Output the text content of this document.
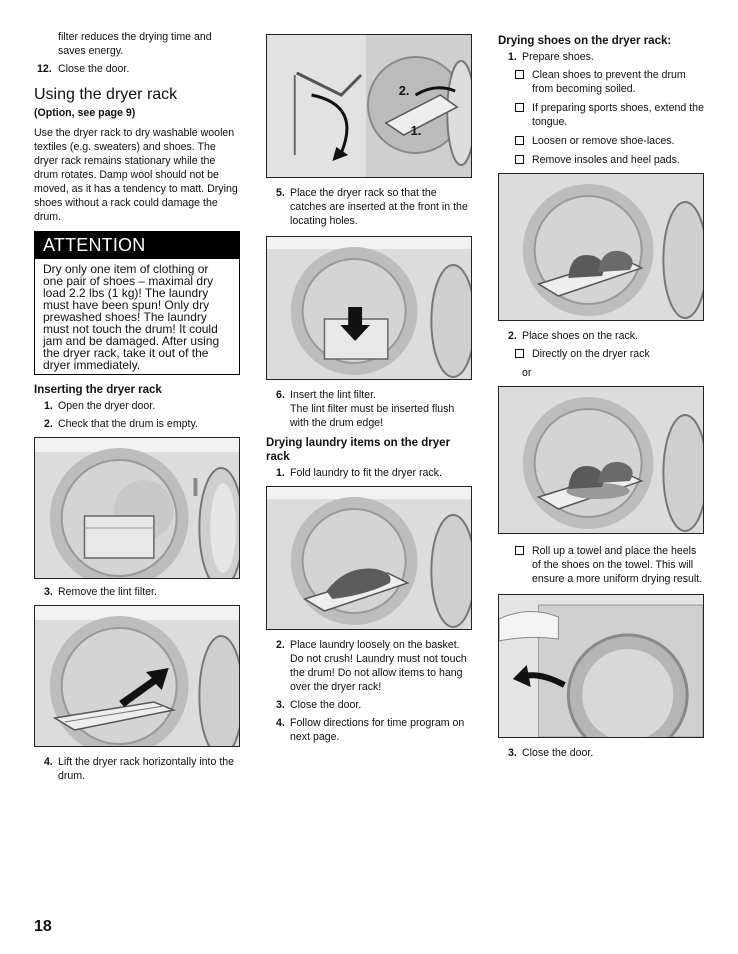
filter reduces the drying time and saves energy.
12. Close the door.
Using the dryer rack
(Option, see page 9)
Use the dryer rack to dry washable woolen textiles (e.g. sweaters) and shoes. The dryer rack remains stationary while the drum rotates. Damp wool should not be moved, as it has a tendency to matt. Drying shoes without a rack could damage the drum.
ATTENTION
Dry only one item of clothing or one pair of shoes – maximal dry load 2.2 lbs (1 kg)! The laundry must have been spun! Only dry prewashed shoes! The laundry must not touch the drum! It could jam and be damaged. After using the dryer rack, take it out of the dryer immediately.
Inserting the dryer rack
1. Open the dryer door.
2. Check that the drum is empty.
3. Remove the lint filter.
4. Lift the dryer rack horizontally into the drum.
2.
1.
5. Place the dryer rack so that the catches are inserted at the front in the locating holes.
6. Insert the lint filter.
The lint filter must be inserted flush with the drum edge!
Drying laundry items on the dryer rack
1. Fold laundry to fit the dryer rack.
2. Place laundry loosely on the basket. Do not crush! Laundry must not touch the drum! Do not allow items to hang over the dryer rack!
3. Close the door.
4. Follow directions for time program on next page.
Drying shoes on the dryer rack:
1. Prepare shoes.
Clean shoes to prevent the drum from becoming soiled.
If preparing sports shoes, extend the tongue.
Loosen or remove shoe-laces.
Remove insoles and heel pads.
2. Place shoes on the rack.
Directly on the dryer rack
or
Roll up a towel and place the heels of the shoes on the towel. This will ensure a more uniform drying result.
3. Close the door.
18
